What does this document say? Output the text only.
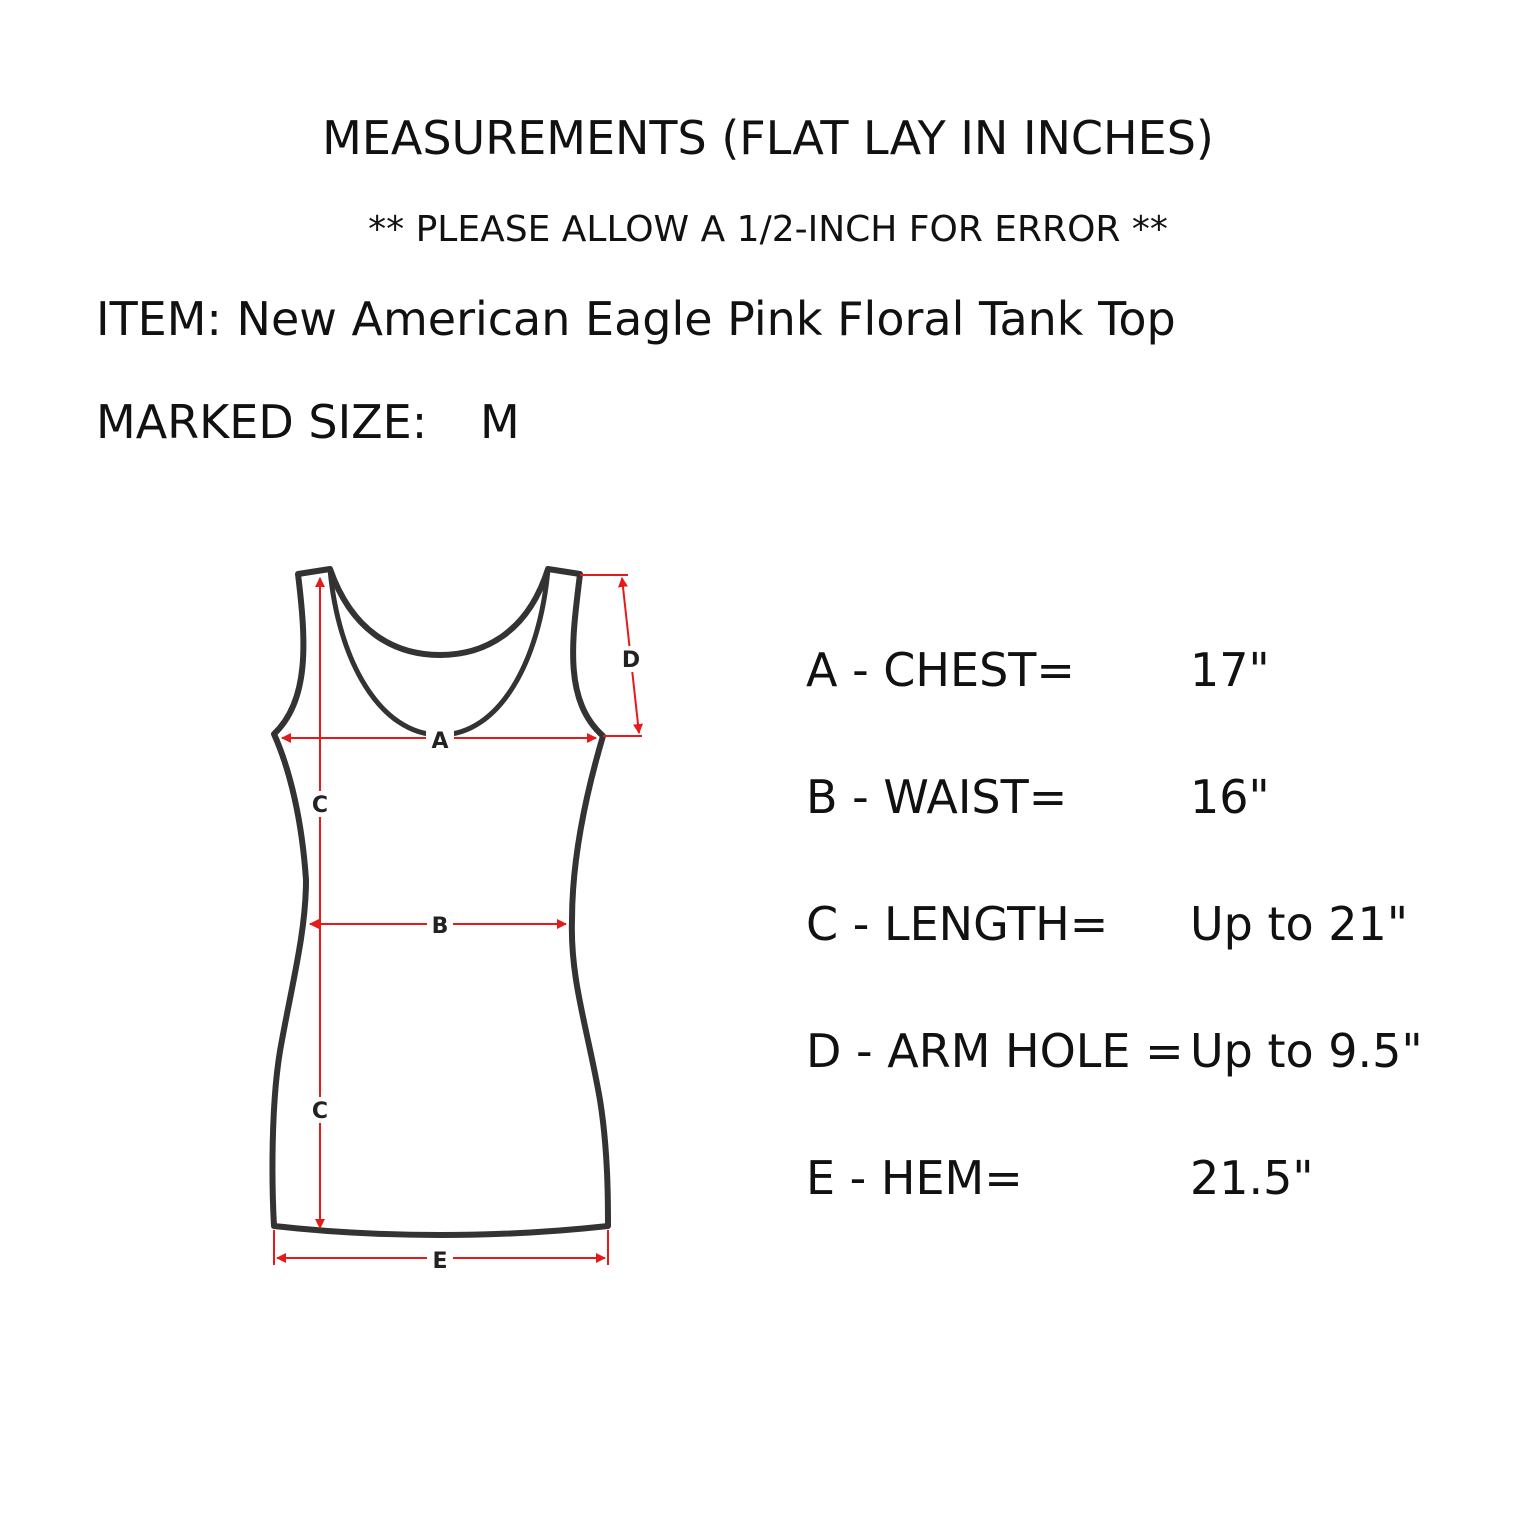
MEASUREMENTS (FLAT LAY IN INCHES)
** PLEASE ALLOW A 1/2-INCH FOR ERROR **
ITEM: New American Eagle Pink Floral Tank Top
MARKED SIZE: M
A
B
C
C
D
E
A - CHEST=	17"
B - WAIST=	16"
C - LENGTH= Up to 21"
D - ARM HOLE = Up to 9.5"
E - HEM=	21.5"
